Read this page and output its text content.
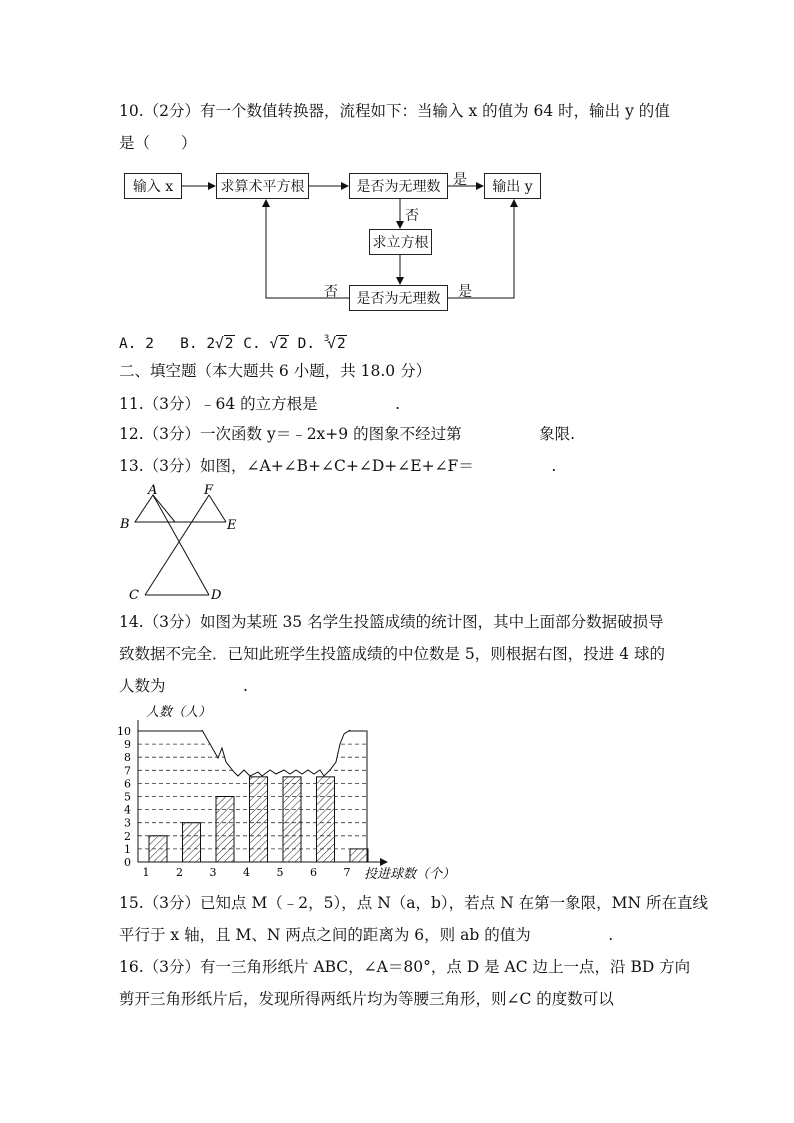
10.（2分）有一个数值转换器，流程如下：当输入 x 的值为 64 时，输出 y 的值
是（　　）
输入 x	求算术平方根	是否为无理数	输出 y
求立方根
是否为无理数
是
否
否	是
A. 2 B. 2√2 C. √2 D. $^3$√2
二、填空题（本大题共 6 小题，共 18.0 分）
11.（3分）﹣64 的立方根是　　　　　.
12.（3分）一次函数 y＝﹣2x+9 的图象不经过第　　　　　象限.
13.（3分）如图，∠A+∠B+∠C+∠D+∠E+∠F＝　　　　　.
A	F
B	E
C	D
14.（3分）如图为某班 35 名学生投篮成绩的统计图，其中上面部分数据破损导
致数据不完全．已知此班学生投篮成绩的中位数是 5，则根据右图，投进 4 球的
人数为　　　　　.
0
1
2
3
4
5
6
7
8
9
10
1 2 3 4 5 6 7
人数（人）
投进球数（个）
15.（3分）已知点 M（﹣2，5），点 N（a，b），若点 N 在第一象限，MN 所在直线
平行于 x 轴，且 M、N 两点之间的距离为 6，则 ab 的值为　　　　　.
16.（3分）有一三角形纸片 ABC，∠A＝80°，点 D 是 AC 边上一点，沿 BD 方向
剪开三角形纸片后，发现所得两纸片均为等腰三角形，则∠C 的度数可以
